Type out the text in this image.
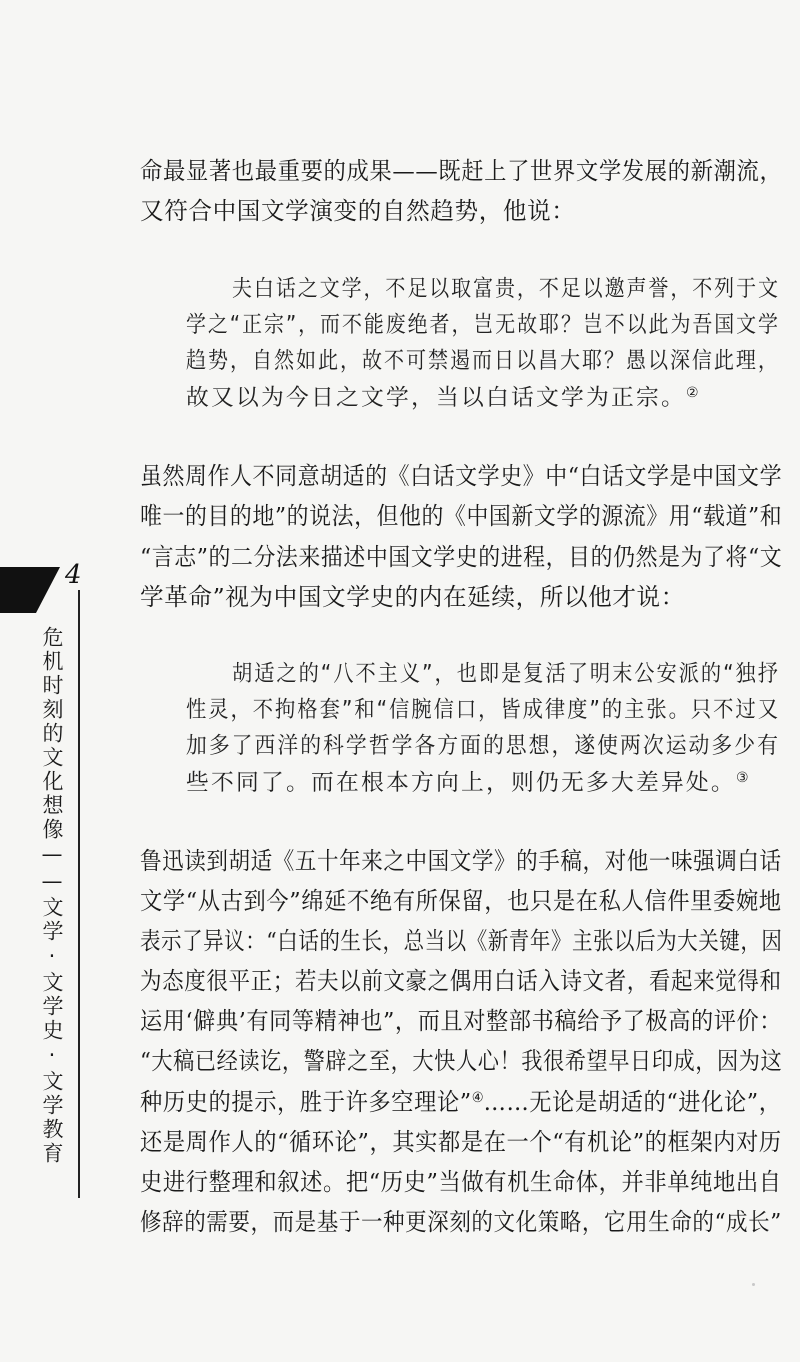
4
危机时刻的文化想像——文学·文学史·文学教育
命最显著也最重要的成果——既赶上了世界文学发展的新潮流，
又符合中国文学演变的自然趋势，他说：
夫白话之文学，不足以取富贵，不足以邀声誉，不列于文
学之“正宗”，而不能废绝者，岂无故耶？岂不以此为吾国文学
趋势，自然如此，故不可禁遏而日以昌大耶？愚以深信此理，
故又以为今日之文学，当以白话文学为正宗。②
虽然周作人不同意胡适的《白话文学史》中“白话文学是中国文学
唯一的目的地”的说法，但他的《中国新文学的源流》用“载道”和
“言志”的二分法来描述中国文学史的进程，目的仍然是为了将“文
学革命”视为中国文学史的内在延续，所以他才说：
胡适之的“八不主义”，也即是复活了明末公安派的“独抒
性灵，不拘格套”和“信腕信口，皆成律度”的主张。只不过又
加多了西洋的科学哲学各方面的思想，遂使两次运动多少有
些不同了。而在根本方向上，则仍无多大差异处。③
鲁迅读到胡适《五十年来之中国文学》的手稿，对他一味强调白话
文学“从古到今”绵延不绝有所保留，也只是在私人信件里委婉地
表示了异议：“白话的生长，总当以《新青年》主张以后为大关键，因
为态度很平正；若夫以前文豪之偶用白话入诗文者，看起来觉得和
运用‘僻典’有同等精神也”，而且对整部书稿给予了极高的评价：
“大稿已经读讫，警辟之至，大快人心！我很希望早日印成，因为这
种历史的提示，胜于许多空理论”④……无论是胡适的“进化论”，
还是周作人的“循环论”，其实都是在一个“有机论”的框架内对历
史进行整理和叙述。把“历史”当做有机生命体，并非单纯地出自
修辞的需要，而是基于一种更深刻的文化策略，它用生命的“成长”
